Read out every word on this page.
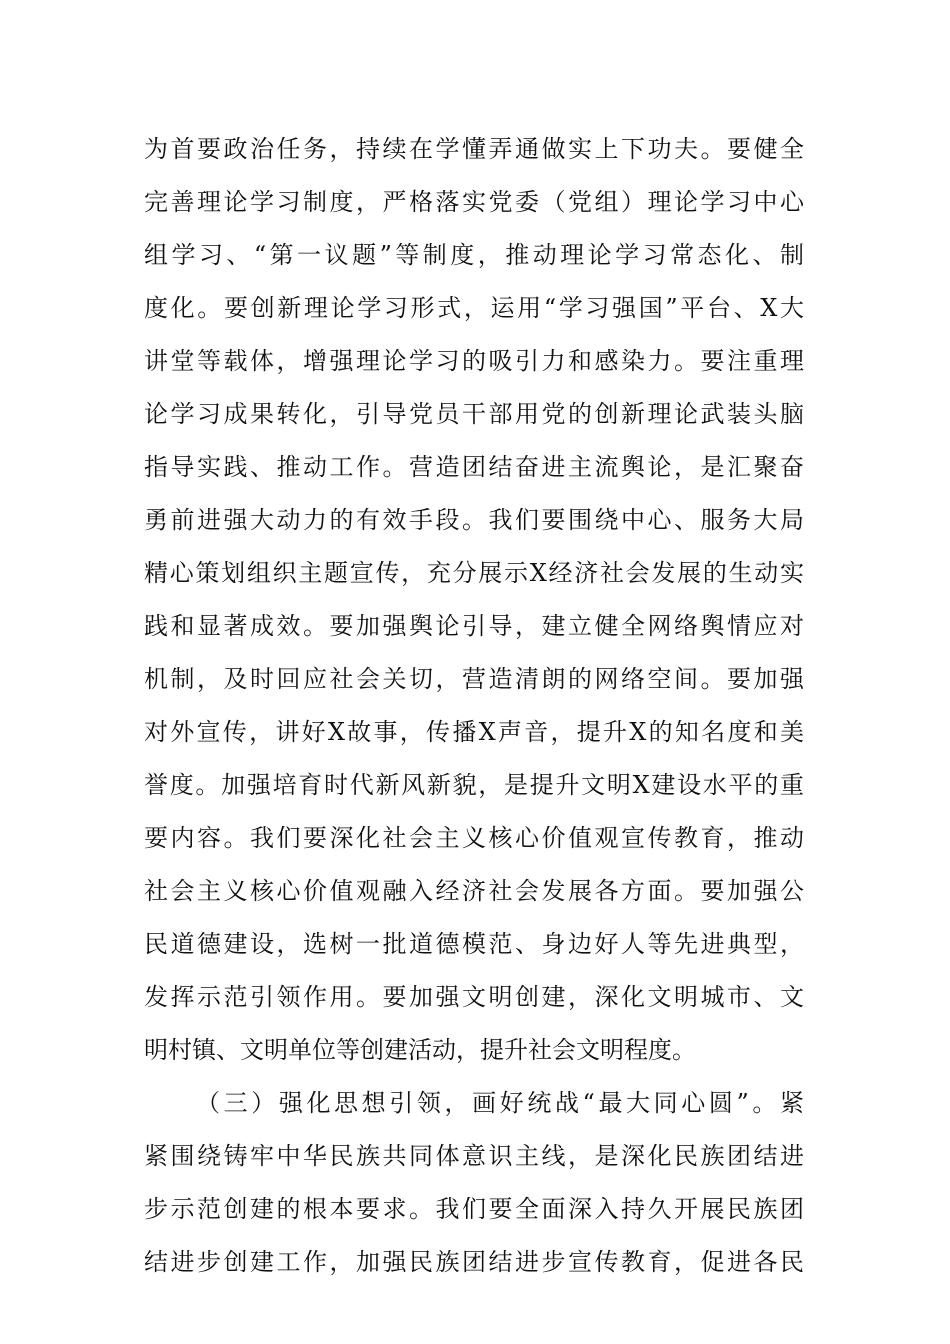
为首要政治任务，持续在学懂弄通做实上下功夫。要健全
完善理论学习制度，严格落实党委（党组）理论学习中心
组学习、“第一议题”等制度，推动理论学习常态化、制
度化。要创新理论学习形式，运用“学习强国”平台、X大
讲堂等载体，增强理论学习的吸引力和感染力。要注重理
论学习成果转化，引导党员干部用党的创新理论武装头脑
指导实践、推动工作。营造团结奋进主流舆论，是汇聚奋
勇前进强大动力的有效手段。我们要围绕中心、服务大局
精心策划组织主题宣传，充分展示X经济社会发展的生动实
践和显著成效。要加强舆论引导，建立健全网络舆情应对
机制，及时回应社会关切，营造清朗的网络空间。要加强
对外宣传，讲好X故事，传播X声音，提升X的知名度和美
誉度。加强培育时代新风新貌，是提升文明X建设水平的重
要内容。我们要深化社会主义核心价值观宣传教育，推动
社会主义核心价值观融入经济社会发展各方面。要加强公
民道德建设，选树一批道德模范、身边好人等先进典型，
发挥示范引领作用。要加强文明创建，深化文明城市、文
明村镇、文明单位等创建活动，提升社会文明程度。
（三）强化思想引领，画好统战“最大同心圆”。紧
紧围绕铸牢中华民族共同体意识主线，是深化民族团结进
步示范创建的根本要求。我们要全面深入持久开展民族团
结进步创建工作，加强民族团结进步宣传教育，促进各民
